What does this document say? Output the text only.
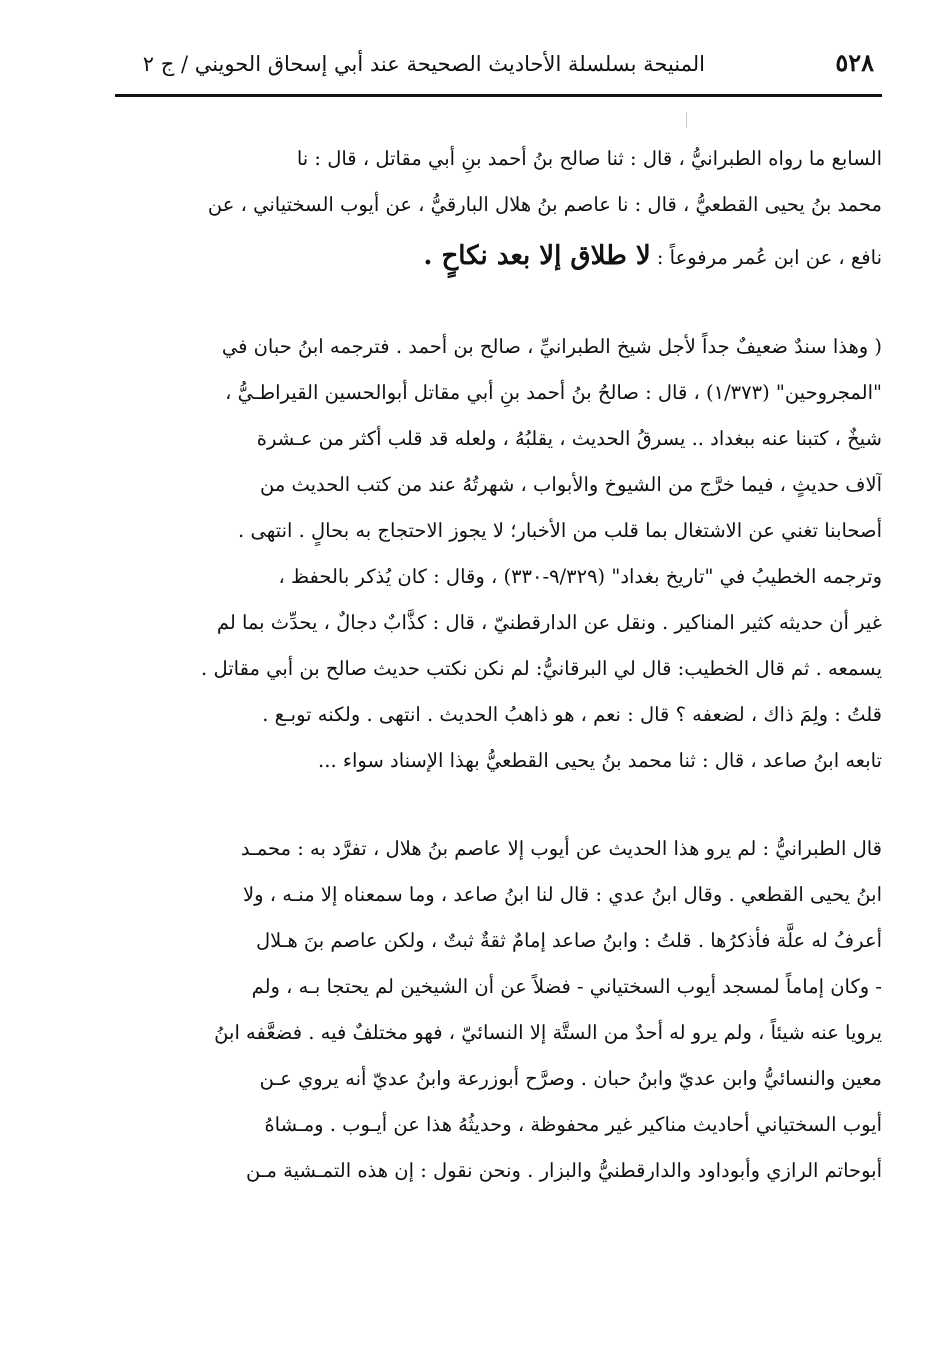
٥٢٨
المنيحة بسلسلة الأحاديث الصحيحة عند أبي إسحاق الحويني / ج ٢
السابع ما رواه الطبرانيُّ ، قال : ثنا صالح بنُ أحمد بنِ أبي مقاتل ، قال : نا
محمد بنُ يحيى القطعيُّ ، قال : نا عاصم بنُ هلال البارقيُّ ، عن أيوب السختياني ، عن
نافع ، عن ابن عُمر مرفوعاً : لا طلاق إلا بعد نكاحٍ .
( وهذا سندٌ ضعيفٌ جداً لأجل شيخ الطبرانيِّ ، صالح بن أحمد . فترجمه ابنُ حبان في
"المجروحين" (١/٣٧٣) ، قال : صالحُ بنُ أحمد بنِ أبي مقاتل أبوالحسين القيراطـيُّ ،
شيخٌ ، كتبنا عنه ببغداد .. يسرقُ الحديث ، يقلبُهُ ، ولعله قد قلب أكثر من عـشرة
آلاف حديثٍ ، فيما خرَّج من الشيوخ والأبواب ، شهرتُهُ عند من كتب الحديث من
أصحابنا تغني عن الاشتغال بما قلب من الأخبار؛ لا يجوز الاحتجاج به بحالٍ . انتهى .
وترجمه الخطيبُ في "تاريخ بغداد" (٩/٣٢٩-٣٣٠) ، وقال : كان يُذكر بالحفظ ،
غير أن حديثه كثير المناكير . ونقل عن الدارقطنيّ ، قال : كذَّابٌ دجالٌ ، يحدِّث بما لم
يسمعه . ثم قال الخطيب: قال لي البرقانيُّ: لم نكن نكتب حديث صالح بن أبي مقاتل .
قلتُ : ولِمَ ذاك ، لضعفه ؟ قال : نعم ، هو ذاهبُ الحديث . انتهى . ولكنه توبـع .
تابعه ابنُ صاعد ، قال : ثنا محمد بنُ يحيى القطعيُّ بهذا الإسناد سواء ...
قال الطبرانيُّ : لم يرو هذا الحديث عن أيوب إلا عاصم بنُ هلال ، تفرَّد به : محمـد
ابنُ يحيى القطعي . وقال ابنُ عدي : قال لنا ابنُ صاعد ، وما سمعناه إلا منـه ، ولا
أعرفُ له علَّة فأذكرُها . قلتُ : وابنُ صاعد إمامٌ ثقةٌ ثبتٌ ، ولكن عاصم بنَ هـلال
- وكان إماماً لمسجد أيوب السختياني - فضلاً عن أن الشيخين لم يحتجا بـه ، ولم
يرويا عنه شيئاً ، ولم يرو له أحدٌ من الستَّة إلا النسائيّ ، فهو مختلفٌ فيه . فضعَّفه ابنُ
معين والنسائيُّ وابن عديّ وابنُ حبان . وصرَّح أبوزرعة وابنُ عديّ أنه يروي عـن
أيوب السختياني أحاديث مناكير غير محفوظة ، وحديثُهُ هذا عن أيـوب . ومـشاهُ
أبوحاتم الرازي وأبوداود والدارقطنيُّ والبزار . ونحن نقول : إن هذه التمـشية مـن
